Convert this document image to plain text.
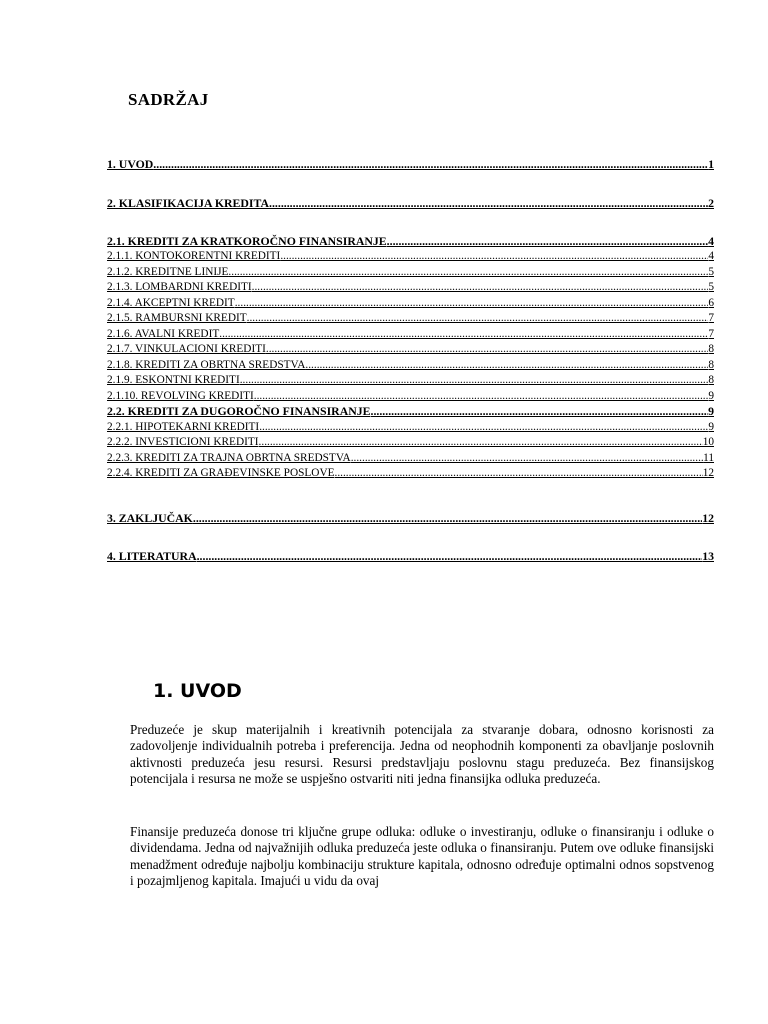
SADRŽAJ
1. UVOD .....	1
2. KLASIFIKACIJA KREDITA .....	2
2.1. KREDITI ZA KRATKOROČNO FINANSIRANJE .....	4
2.1.1. KONTOKORENTNI KREDITI .....	4
2.1.2. KREDITNE LINIJE .....	5
2.1.3. LOMBARDNI KREDITI .....	5
2.1.4. AKCEPTNI KREDIT .....	6
2.1.5. RAMBURSNI KREDIT .....	7
2.1.6. AVALNI KREDIT .....	7
2.1.7. VINKULACIONI KREDITI .....	8
2.1.8. KREDITI ZA OBRTNA SREDSTVA .....	8
2.1.9. ESKONTNI KREDITI .....	8
2.1.10. REVOLVING KREDITI .....	9
2.2. KREDITI ZA DUGOROČNO FINANSIRANJE .....	9
2.2.1. HIPOTEKARNI KREDITI .....	9
2.2.2. INVESTICIONI KREDITI .....	10
2.2.3. KREDITI ZA TRAJNA OBRTNA SREDSTVA .....	11
2.2.4. KREDITI ZA GRAĐEVINSKE POSLOVE .....	12
3. ZAKLJUČAK .....	12
4. LITERATURA .....	13
1. UVOD

Preduzeće je skup materijalnih i kreativnih potencijala za stvaranje dobara, odnosno korisnosti za zadovoljenje individualnih potreba i preferencija. Jedna od neophodnih komponenti za obavljanje poslovnih aktivnosti preduzeća jesu resursi. Resursi predstavljaju poslovnu stagu preduzeća. Bez finansijskog potencijala i resursa ne može se uspješno ostvariti niti jedna finansijka odluka preduzeća.

Finansije preduzeća donose tri ključne grupe odluka: odluke o investiranju, odluke o finansiranju i odluke o dividendama. Jedna od najvažnijih odluka preduzeća jeste odluka o finansiranju. Putem ove odluke finansijski menadžment određuje najbolju kombinaciju strukture kapitala, odnosno određuje optimalni odnos sopstvenog i pozajmljenog kapitala. Imajući u vidu da ovaj
